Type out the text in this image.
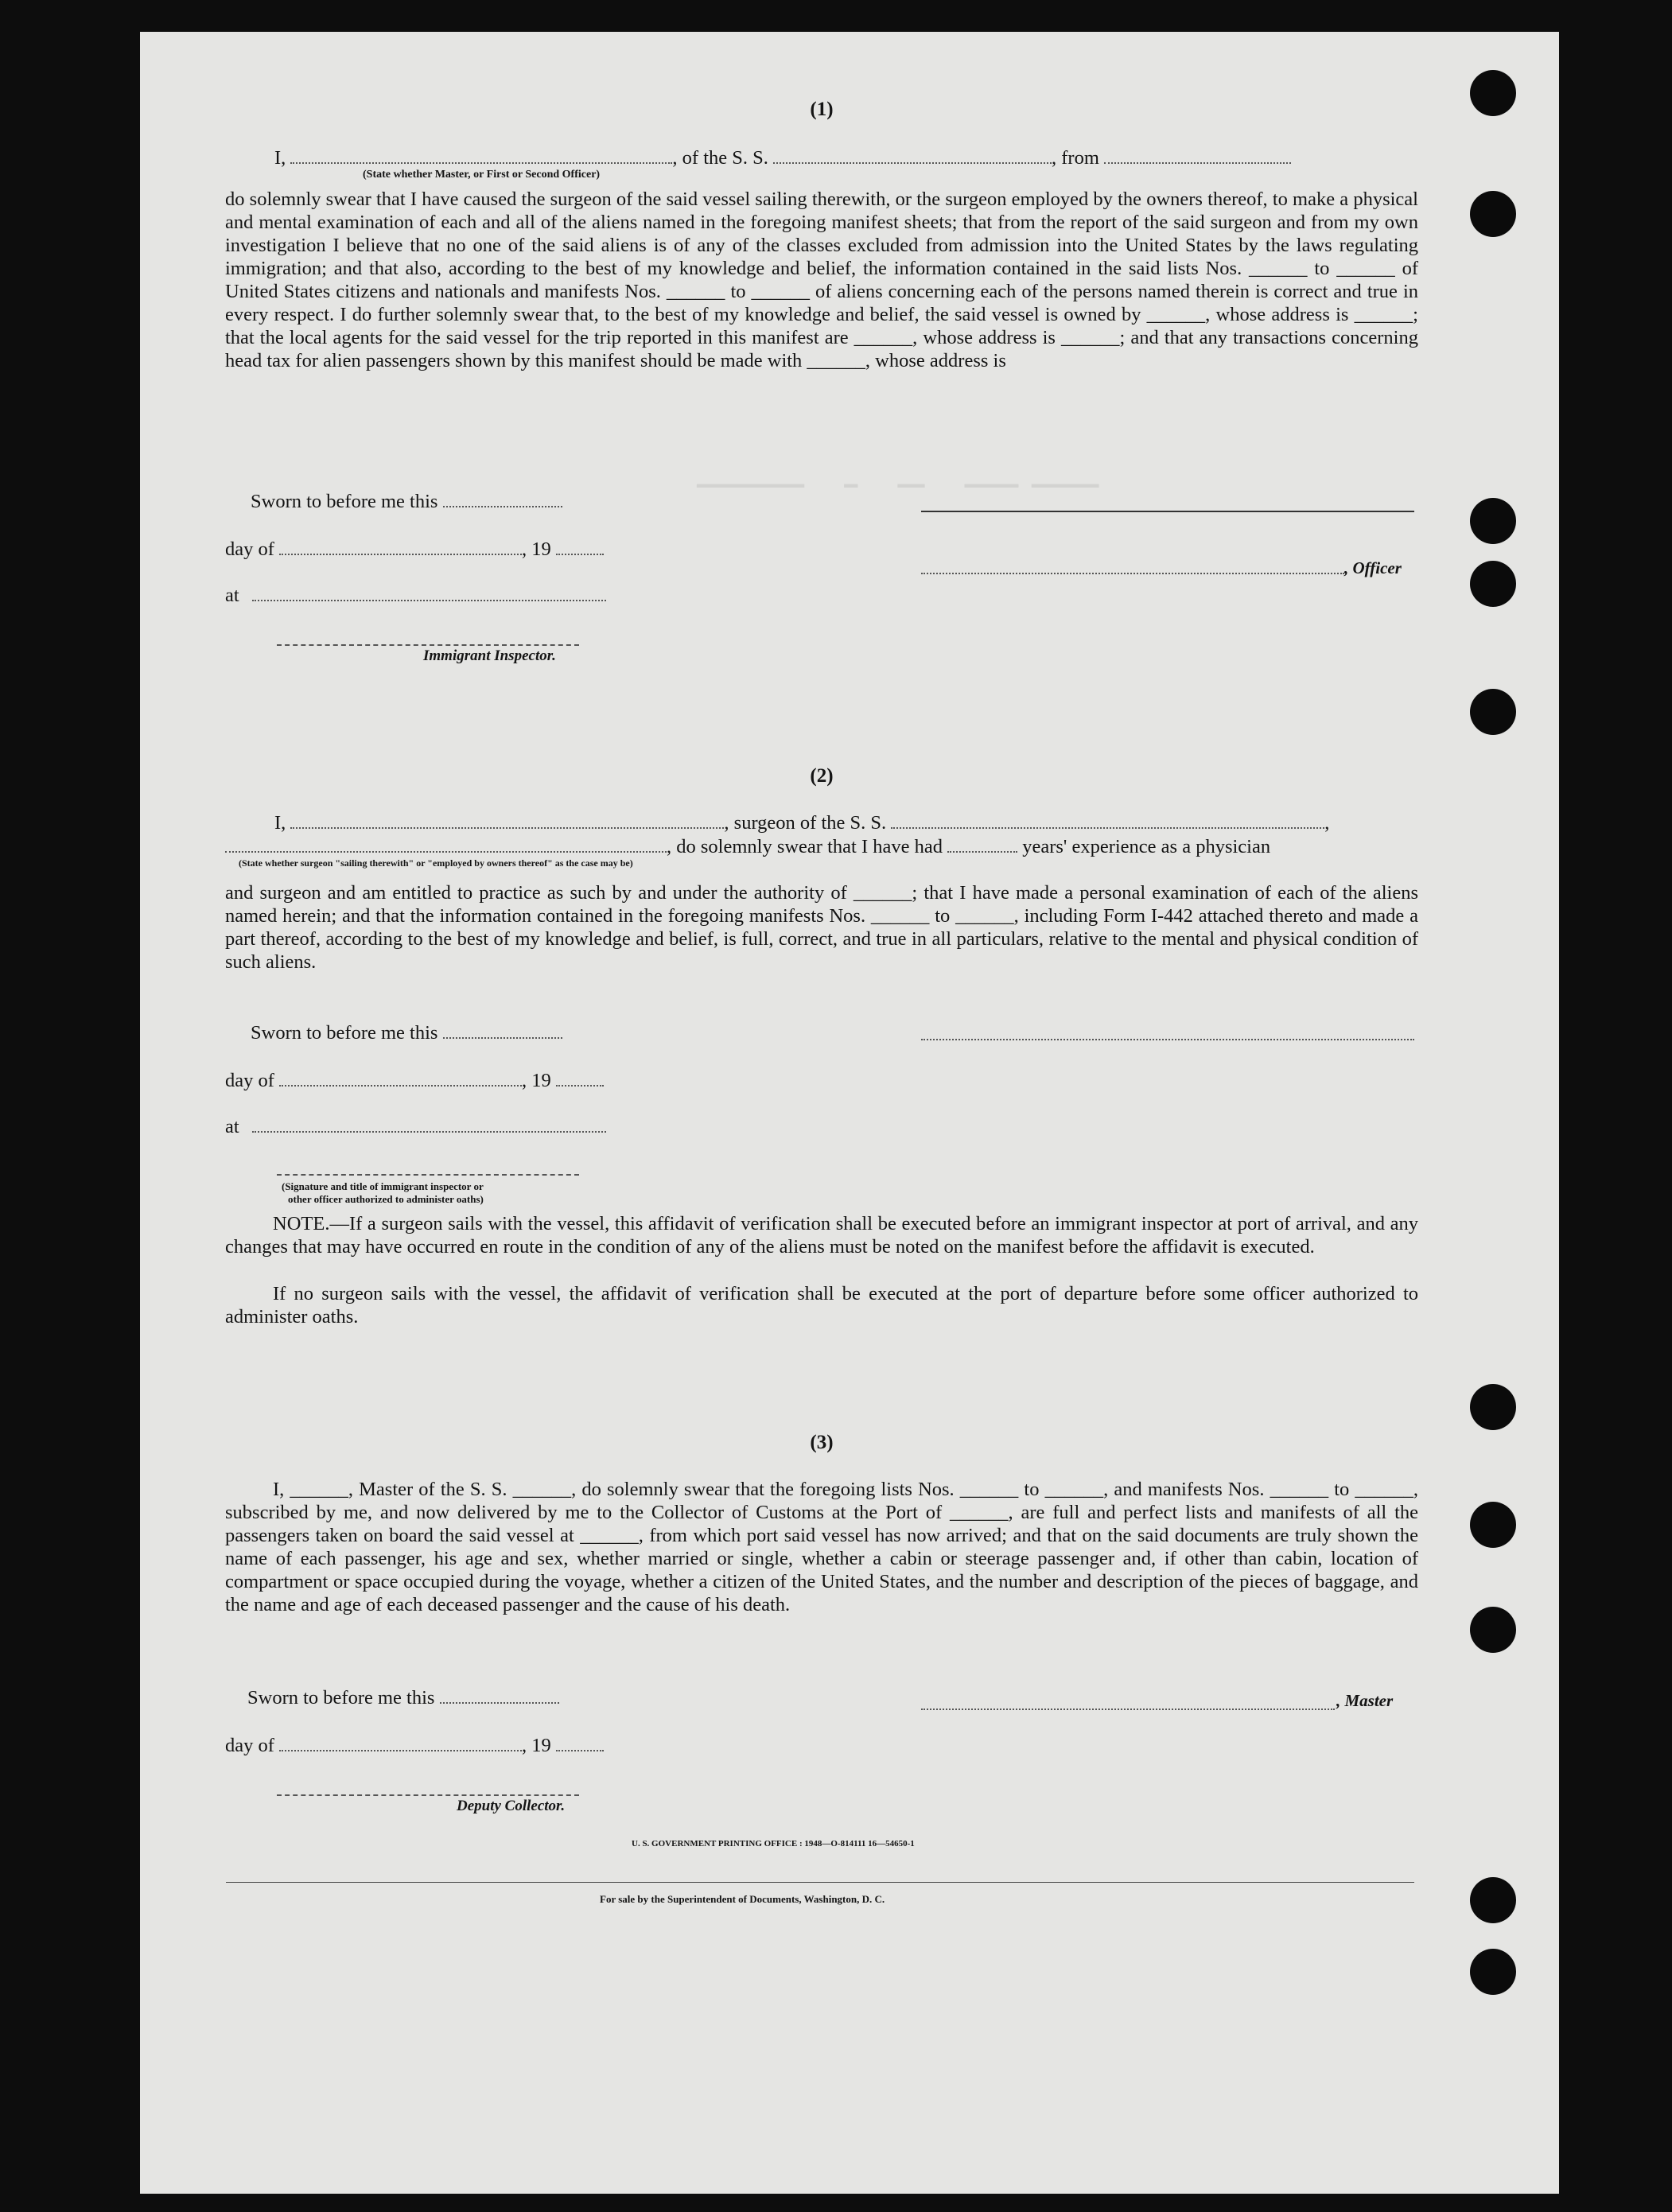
▁▁▁▁▁ ▁▁▁▁   ▁▁   ▁   ▁▁▁▁▁▁▁▁
(1)
I,	, of the S. S.	, from
(State whether Master, or First or Second Officer)

do solemnly swear that I have caused the surgeon of the said vessel sailing therewith, or the surgeon employed by the owners thereof, to make a physical and mental examination of each and all of the aliens named in the foregoing manifest sheets; that from the report of the said surgeon and from my own investigation I believe that no one of the said aliens is of any of the classes excluded from admission into the United States by the laws regulating immigration; and that also, according to the best of my knowledge and belief, the information contained in the said lists Nos. ______ to ______ of United States citizens and nationals and manifests Nos. ______ to ______ of aliens concerning each of the persons named therein is correct and true in every respect. I do further solemnly swear that, to the best of my knowledge and belief, the said vessel is owned by ______, whose address is ______; that the local agents for the said vessel for the trip reported in this manifest are ______, whose address is ______; and that any transactions concerning head tax for alien passengers shown by this manifest should be made with ______, whose address is

Sworn to before me this
day of	, 19
, Officer
at
Immigrant Inspector.
(2)
I,	, surgeon of the S. S.	,
, do solemnly swear that I have had	years' experience as a physician
(State whether surgeon "sailing therewith" or "employed by owners thereof" as the case may be)

and surgeon and am entitled to practice as such by and under the authority of ______; that I have made a personal examination of each of the aliens named herein; and that the information contained in the foregoing manifests Nos. ______ to ______, including Form I-442 attached thereto and made a part thereof, according to the best of my knowledge and belief, is full, correct, and true in all particulars, relative to the mental and physical condition of such aliens.

Sworn to before me this
day of	, 19
at
(Signature and title of immigrant inspector or
other officer authorized to administer oaths)

NOTE.—If a surgeon sails with the vessel, this affidavit of verification shall be executed before an immigrant inspector at port of arrival, and any changes that may have occurred en route in the condition of any of the aliens must be noted on the manifest before the affidavit is executed.

If no surgeon sails with the vessel, the affidavit of verification shall be executed at the port of departure before some officer authorized to administer oaths.

(3)

I, ______, Master of the S. S. ______, do solemnly swear that the foregoing lists Nos. ______ to ______, and manifests Nos. ______ to ______, subscribed by me, and now delivered by me to the Collector of Customs at the Port of ______, are full and perfect lists and manifests of all the passengers taken on board the said vessel at ______, from which port said vessel has now arrived; and that on the said documents are truly shown the name of each passenger, his age and sex, whether married or single, whether a cabin or steerage passenger and, if other than cabin, location of compartment or space occupied during the voyage, whether a citizen of the United States, and the number and description of the pieces of baggage, and the name and age of each deceased passenger and the cause of his death.

Sworn to before me this	, Master
day of	, 19
Deputy Collector.
U. S. GOVERNMENT PRINTING OFFICE : 1948—O-814111 16—54650-1
For sale by the Superintendent of Documents, Washington, D. C.
